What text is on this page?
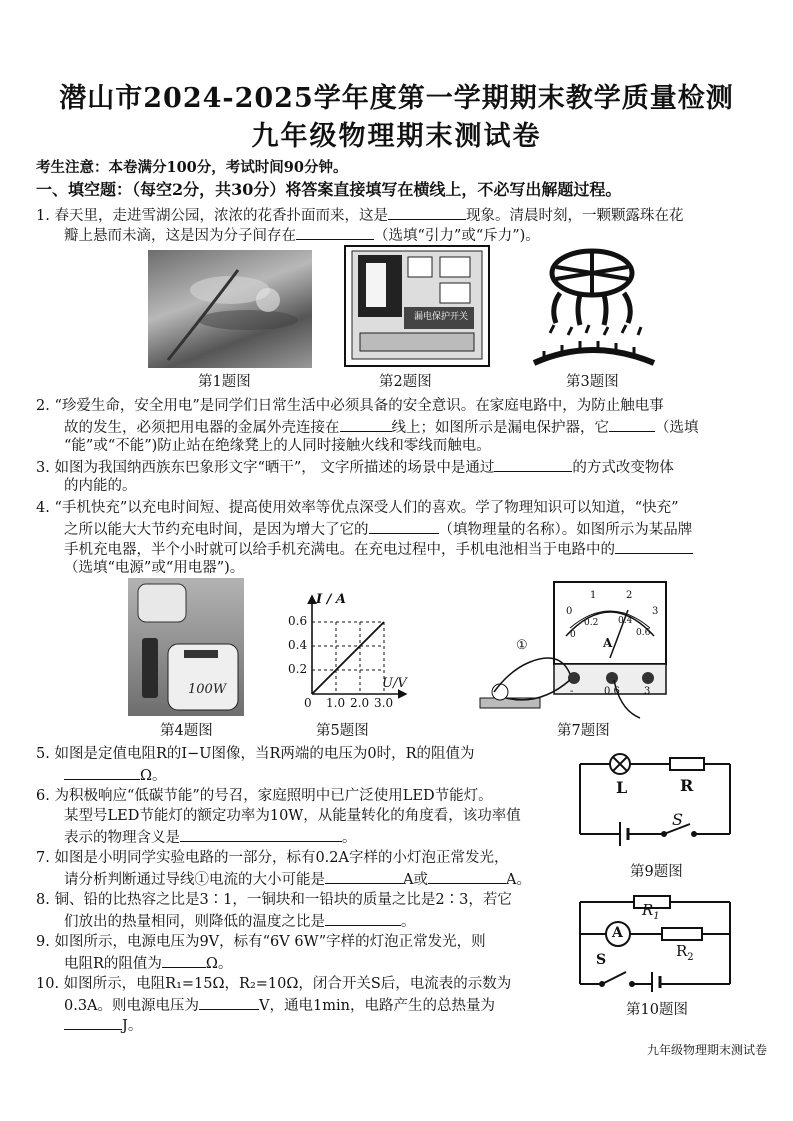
潜山市2024-2025学年度第一学期期末教学质量检测
九年级物理期末测试卷
考生注意：本卷满分100分，考试时间90分钟。
一、填空题：（每空2分，共30分）将答案直接填写在横线上，不必写出解题过程。
1. 春天里，走进雪湖公园，浓浓的花香扑面而来，这是	现象。清晨时刻，一颗颗露珠在花
瓣上悬而未滴，这是因为分子间存在	（选填“引力”或“斥力”)。
第1题图
漏电保护开关
第2题图	第3题图
2. “珍爱生命，安全用电”是同学们日常生活中必须具备的安全意识。在家庭电路中，为防止触电事
故的发生，必须把用电器的金属外壳连接在	线上；如图所示是漏电保护器，它	（选填
“能”或“不能”)防止站在绝缘凳上的人同时接触火线和零线而触电。
3. 如图为我国纳西族东巴象形文字“晒干”， 文字所描述的场景中是通过	的方式改变物体
的内能的。
4. “手机快充”以充电时间短、提高使用效率等优点深受人们的喜欢。学了物理知识可以知道，“快充”
之所以能大大节约充电时间，是因为增大了它的	（填物理量的名称）。如图所示为某品牌
手机充电器，半个小时就可以给手机充满电。在充电过程中，手机电池相当于电路中的
（选填“电源”或“用电器”)。
100W
第4题图
I / A
U/V
0.6
0.4
0.2
0 1.0 2.0 3.0
第5题图
0
1	2
3
0
0.2 0.4
0.6
A
①
-	0.6 3
第7题图
5. 如图是定值电阻R的I−U图像，当R两端的电压为0时，R的阻值为
Ω。
6. 为积极响应“低碳节能”的号召，家庭照明中已广泛使用LED节能灯。
某型号LED节能灯的额定功率为10W，从能量转化的角度看，该功率值
表示的物理含义是	。
7. 如图是小明同学实验电路的一部分，标有0.2A字样的小灯泡正常发光，
请分析判断通过导线①电流的大小可能是	A或	A。
8. 铜、铅的比热容之比是3∶1，一铜块和一铅块的质量之比是2∶3，若它
们放出的热量相同，则降低的温度之比是	。
9. 如图所示，电源电压为9V，标有“6V 6W”字样的灯泡正常发光，则
电阻R的阻值为	Ω。
10. 如图所示，电阻R₁=15Ω，R₂=10Ω，闭合开关S后，电流表的示数为
0.3A。则电源电压为	V，通电1min，电路产生的总热量为
J。
L	R
S
第9题图
A
$R_1$
$R_2$
S
第10题图
九年级物理期末测试卷
